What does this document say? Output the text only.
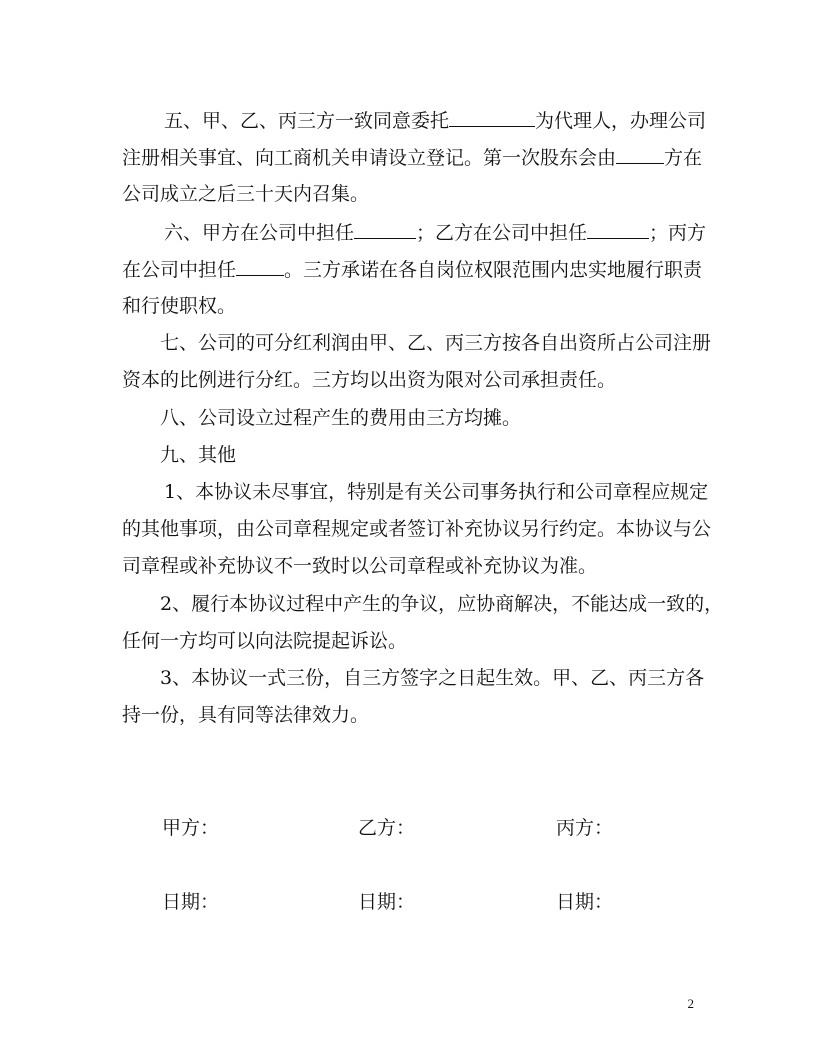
五、甲、乙、丙三方一致同意委托	为代理人，办理公司
注册相关事宜、向工商机关申请设立登记。第一次股东会由	方在
公司成立之后三十天内召集。
六、甲方在公司中担任	；乙方在公司中担任	；丙方
在公司中担任	。三方承诺在各自岗位权限范围内忠实地履行职责
和行使职权。
七、公司的可分红利润由甲、乙、丙三方按各自出资所占公司注册
资本的比例进行分红。三方均以出资为限对公司承担责任。
八、公司设立过程产生的费用由三方均摊。
九、其他
1、本协议未尽事宜，特别是有关公司事务执行和公司章程应规定
的其他事项，由公司章程规定或者签订补充协议另行约定。本协议与公
司章程或补充协议不一致时以公司章程或补充协议为准。
2、履行本协议过程中产生的争议，应协商解决，不能达成一致的，
任何一方均可以向法院提起诉讼。
3、本协议一式三份，自三方签字之日起生效。甲、乙、丙三方各
持一份，具有同等法律效力。
甲方：	乙方：	丙方：
日期：	日期：	日期：
2
